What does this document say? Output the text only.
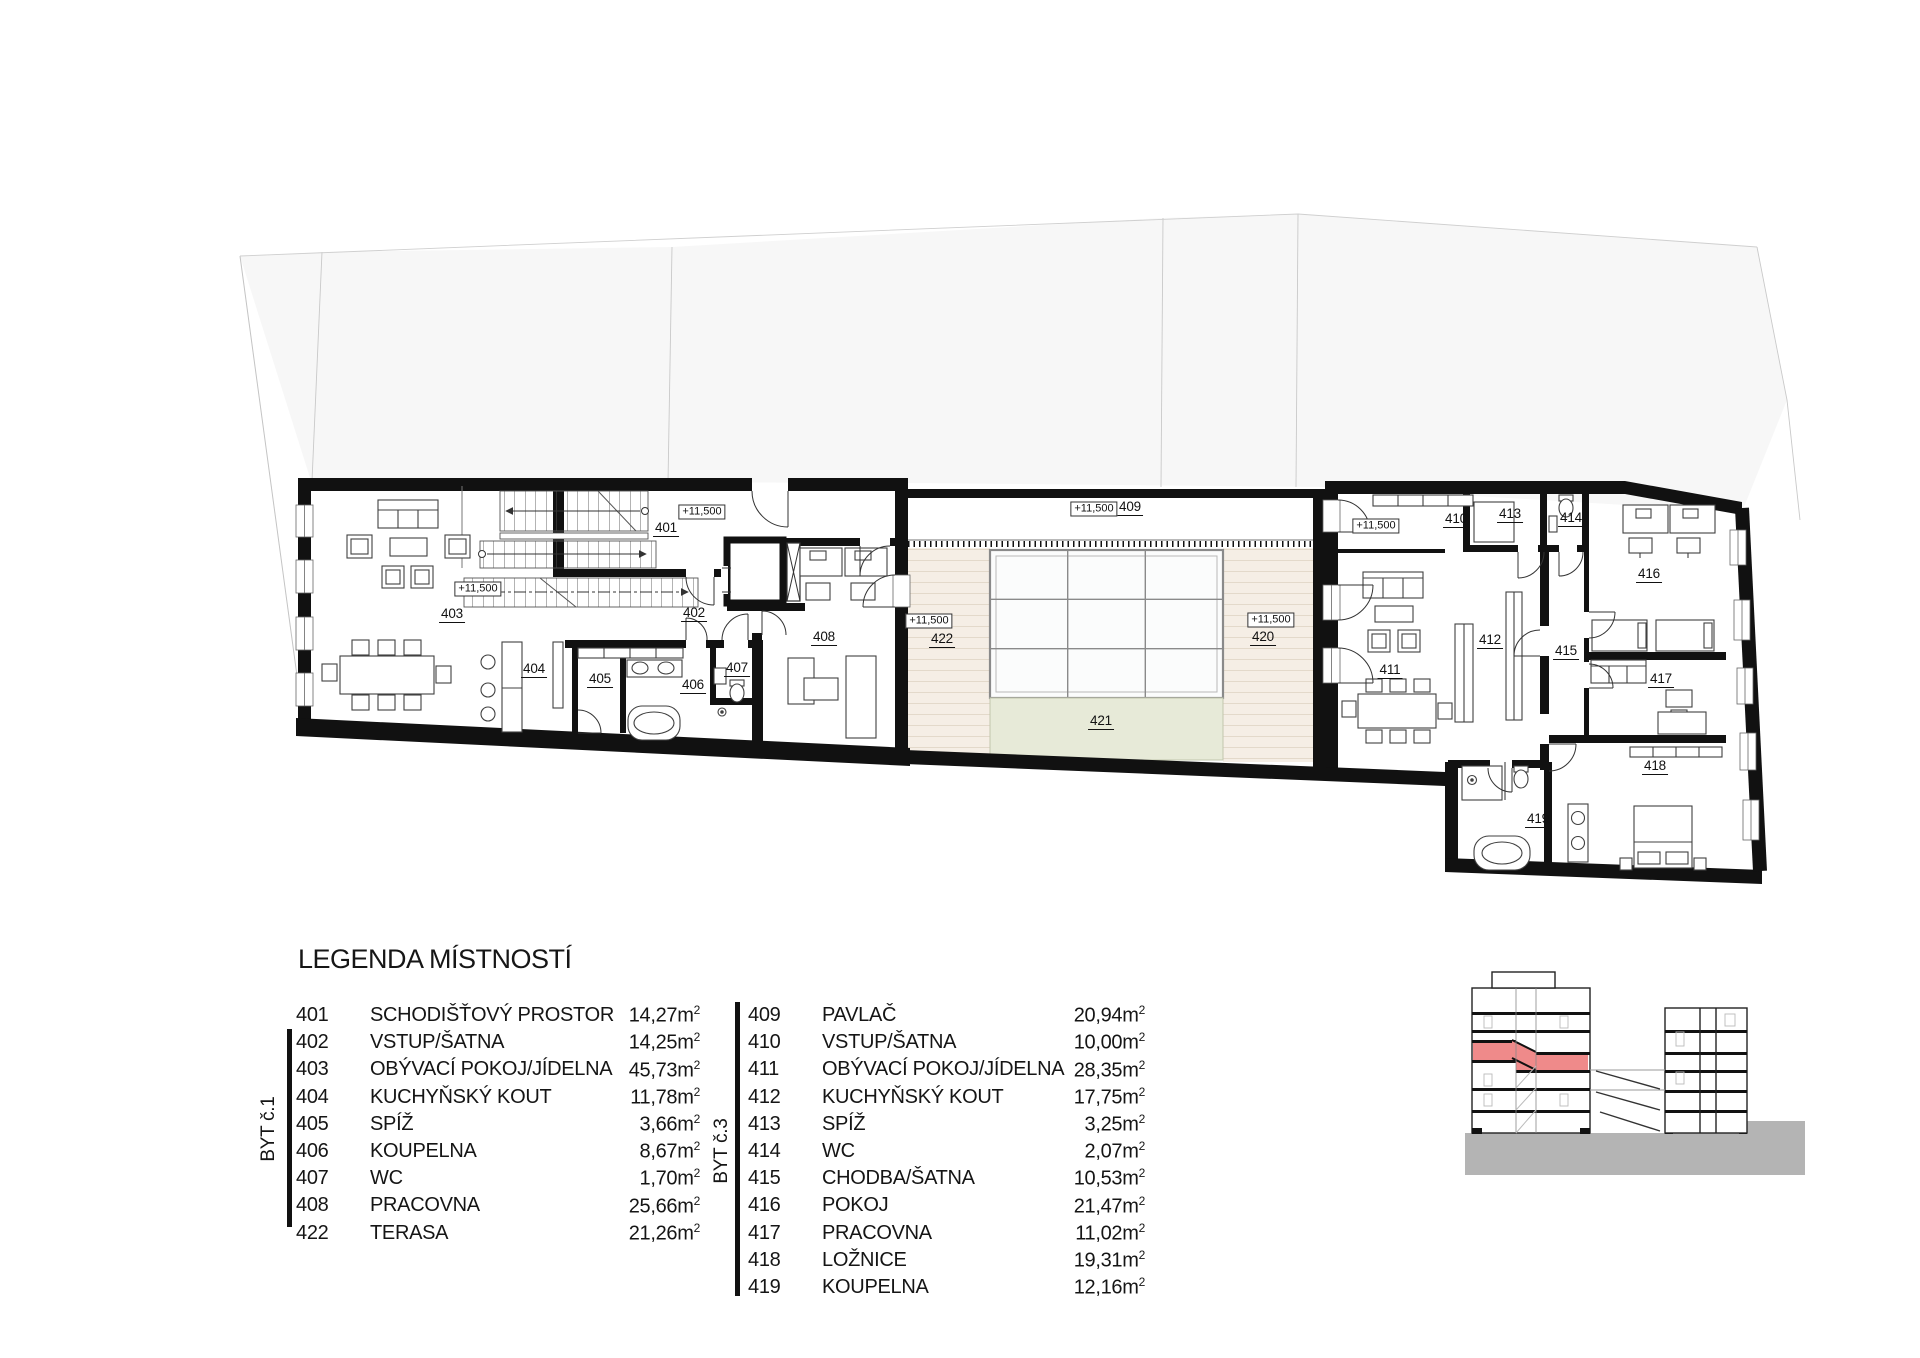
401
402
403
404
405	406
407
408
409
410
411
412
413	414
415
416
417
418
419
420
421
422
+11,500
+11,500	+11,500
+11,500	+11,500
+11,500
LEGENDA MÍSTNOSTÍ
BYT č.1
401	SCHODIŠŤOVÝ PROSTOR $14,27m^2$
402	VSTUP/ŠATNA	$14,25m^2$
403	OBÝVACÍ POKOJ/JÍDELNA $45,73m^2$
404	KUCHYŇSKÝ KOUT	$11,78m^2$
405	SPÍŽ	$3,66m^2$
406	KOUPELNA	$8,67m^2$
407	WC	$1,70m^2$
408	PRACOVNA	$25,66m^2$
422	TERASA	$21,26m^2$
BYT č.3
409	PAVLAČ	$20,94m^2$
410	VSTUP/ŠATNA	$10,00m^2$
411	OBÝVACÍ POKOJ/JÍDELNA $28,35m^2$
412	KUCHYŇSKÝ KOUT	$17,75m^2$
413	SPÍŽ	$3,25m^2$
414	WC	$2,07m^2$
415	CHODBA/ŠATNA	$10,53m^2$
416	POKOJ	$21,47m^2$
417	PRACOVNA	$11,02m^2$
418	LOŽNICE	$19,31m^2$
419	KOUPELNA	$12,16m^2$
